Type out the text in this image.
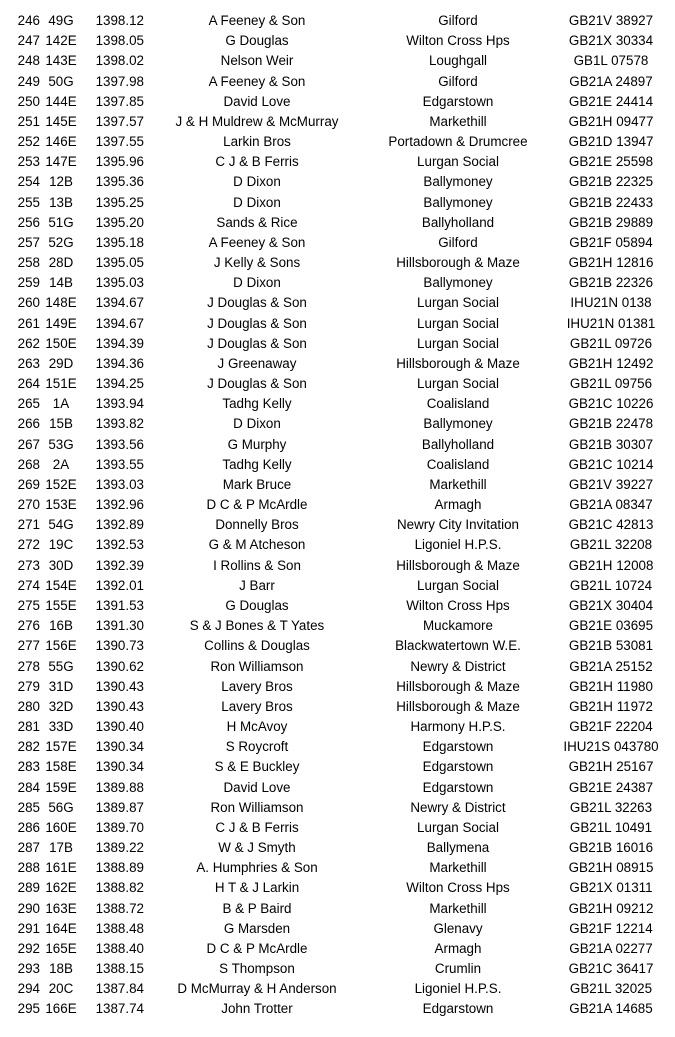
246 49G	1398.12	A Feeney & Son	Gilford	GB21V 38927
247 142E	1398.05	G Douglas	Wilton Cross Hps	GB21X 30334
248 143E	1398.02	Nelson Weir	Loughgall	GB1L 07578
249 50G	1397.98	A Feeney & Son	Gilford	GB21A 24897
250 144E	1397.85	David Love	Edgarstown	GB21E 24414
251 145E	1397.57	J & H Muldrew & McMurray	Markethill	GB21H 09477
252 146E	1397.55	Larkin Bros	Portadown & Drumcree	GB21D 13947
253 147E	1395.96	C J & B Ferris	Lurgan Social	GB21E 25598
254 12B	1395.36	D Dixon	Ballymoney	GB21B 22325
255 13B	1395.25	D Dixon	Ballymoney	GB21B 22433
256 51G	1395.20	Sands & Rice	Ballyholland	GB21B 29889
257 52G	1395.18	A Feeney & Son	Gilford	GB21F 05894
258 28D	1395.05	J Kelly & Sons	Hillsborough & Maze	GB21H 12816
259 14B	1395.03	D Dixon	Ballymoney	GB21B 22326
260 148E	1394.67	J Douglas & Son	Lurgan Social	IHU21N 0138
261 149E	1394.67	J Douglas & Son	Lurgan Social	IHU21N 01381
262 150E	1394.39	J Douglas & Son	Lurgan Social	GB21L 09726
263 29D	1394.36	J Greenaway	Hillsborough & Maze	GB21H 12492
264 151E	1394.25	J Douglas & Son	Lurgan Social	GB21L 09756
265 1A	1393.94	Tadhg Kelly	Coalisland	GB21C 10226
266 15B	1393.82	D Dixon	Ballymoney	GB21B 22478
267 53G	1393.56	G Murphy	Ballyholland	GB21B 30307
268 2A	1393.55	Tadhg Kelly	Coalisland	GB21C 10214
269 152E	1393.03	Mark Bruce	Markethill	GB21V 39227
270 153E	1392.96	D C & P McArdle	Armagh	GB21A 08347
271 54G	1392.89	Donnelly Bros	Newry City Invitation	GB21C 42813
272 19C	1392.53	G & M Atcheson	Ligoniel H.P.S.	GB21L 32208
273 30D	1392.39	I Rollins & Son	Hillsborough & Maze	GB21H 12008
274 154E	1392.01	J Barr	Lurgan Social	GB21L 10724
275 155E	1391.53	G Douglas	Wilton Cross Hps	GB21X 30404
276 16B	1391.30	S & J Bones & T Yates	Muckamore	GB21E 03695
277 156E	1390.73	Collins & Douglas	Blackwatertown W.E.	GB21B 53081
278 55G	1390.62	Ron Williamson	Newry & District	GB21A 25152
279 31D	1390.43	Lavery Bros	Hillsborough & Maze	GB21H 11980
280 32D	1390.43	Lavery Bros	Hillsborough & Maze	GB21H 11972
281 33D	1390.40	H McAvoy	Harmony H.P.S.	GB21F 22204
282 157E	1390.34	S Roycroft	Edgarstown	IHU21S 043780
283 158E	1390.34	S & E Buckley	Edgarstown	GB21H 25167
284 159E	1389.88	David Love	Edgarstown	GB21E 24387
285 56G	1389.87	Ron Williamson	Newry & District	GB21L 32263
286 160E	1389.70	C J & B Ferris	Lurgan Social	GB21L 10491
287 17B	1389.22	W & J Smyth	Ballymena	GB21B 16016
288 161E	1388.89	A. Humphries & Son	Markethill	GB21H 08915
289 162E	1388.82	H T & J Larkin	Wilton Cross Hps	GB21X 01311
290 163E	1388.72	B & P Baird	Markethill	GB21H 09212
291 164E	1388.48	G Marsden	Glenavy	GB21F 12214
292 165E	1388.40	D C & P McArdle	Armagh	GB21A 02277
293 18B	1388.15	S Thompson	Crumlin	GB21C 36417
294 20C	1387.84	D McMurray & H Anderson	Ligoniel H.P.S.	GB21L 32025
295 166E	1387.74	John Trotter	Edgarstown	GB21A 14685
